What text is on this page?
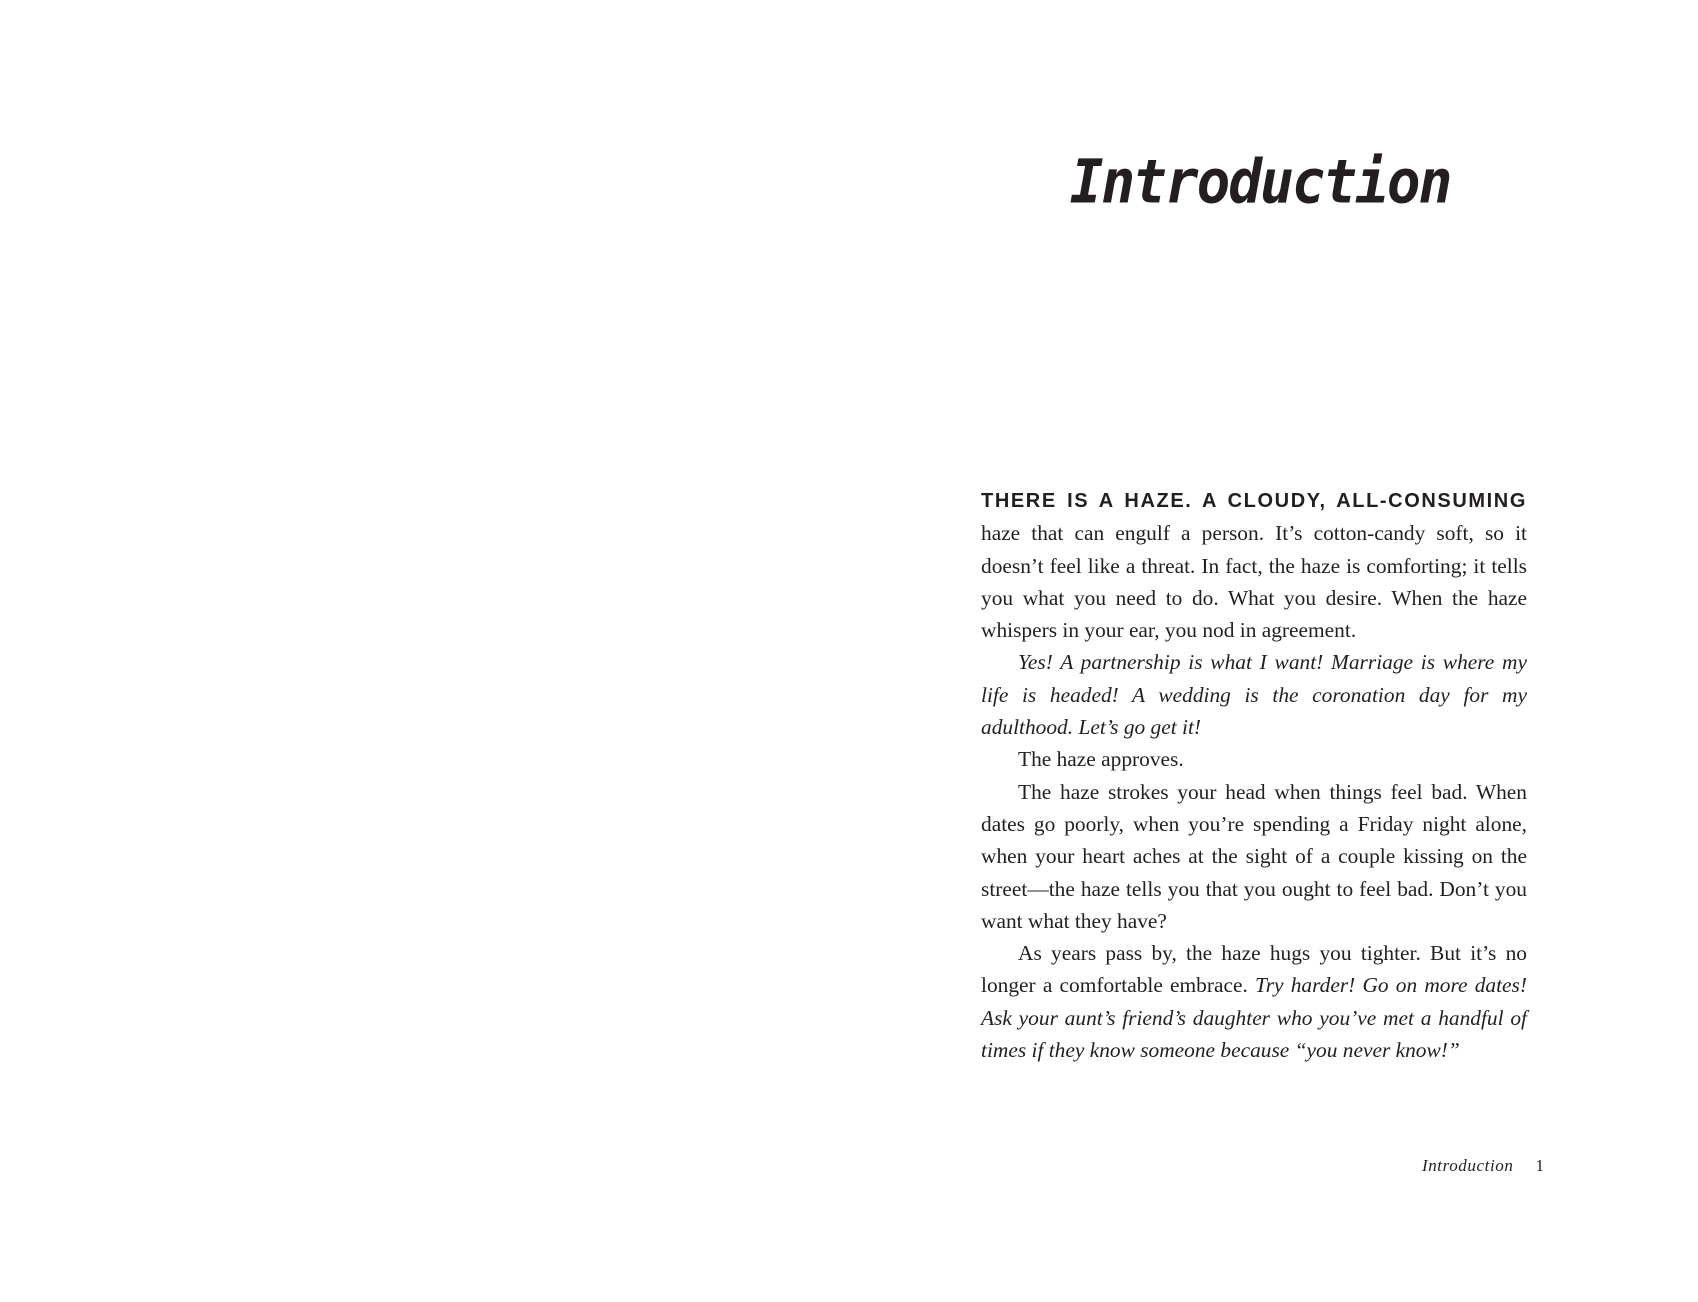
Introduction

THERE IS A HAZE. A CLOUDY, ALL-CONSUMING
haze that can engulf a person. It’s cotton-candy soft, so it doesn’t feel like a threat. In fact, the haze is comforting; it tells you what you need to do. What you desire. When the haze whispers in your ear, you nod in agreement.

Yes! A partnership is what I want! Marriage is where my life is headed! A wedding is the coronation day for my adulthood. Let’s go get it!

The haze approves.

The haze strokes your head when things feel bad. When dates go poorly, when you’re spending a Friday night alone, when your heart aches at the sight of a couple kissing on the street—the haze tells you that you ought to feel bad. Don’t you want what they have?

As years pass by, the haze hugs you tighter. But it’s no longer a comfortable embrace. Try harder! Go on more dates! Ask your aunt’s friend’s daughter who you’ve met a handful of times if they know someone because “you never know!”

Introduction 1
